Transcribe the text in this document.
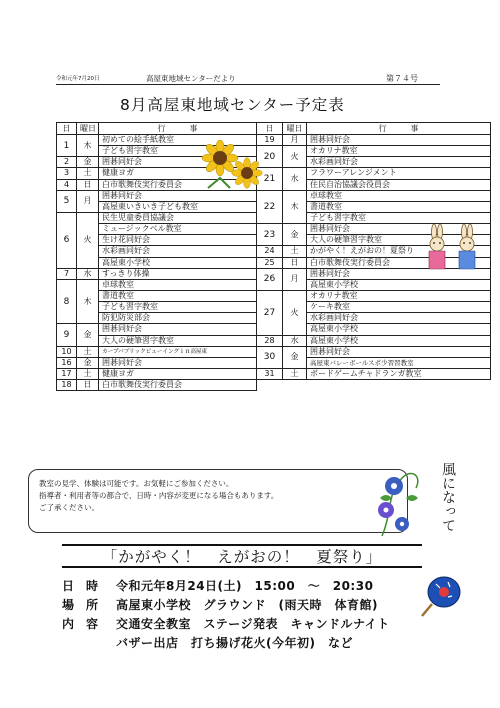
令和元年7月20日	高屋東地域センターだより	第７４号
8月高屋東地域センター予定表
日	曜日	行　　　事
1	木	初めての絵手紙教室
		子ども習字教室
2	金	囲碁同好会
3	土	健康ヨガ
4	日	白市歌舞伎実行委員会
5	月	囲碁同好会
		高屋東いきいき子ども教室
6	火	民生児童委員協議会
		ミュージックベル教室
		生け花同好会
		水彩画同好会
		高屋東小学校
7	水	すっきり体操
8	木	卓球教室
		書道教室
		子ども習字教室
		防犯防災部会
9	金	囲碁同好会
		大人の硬筆習字教室
10	土	カープパブリックビューイングｉｎ高屋東
16	金	囲碁同好会
17	土	健康ヨガ
18	日	白市歌舞伎実行委員会
日	曜日	行　　　事
19	月	囲碁同好会
20	火	オカリナ教室
		水彩画同好会
21	水	フラワーアレンジメント
		住民自治協議会役員会
22	木	卓球教室
		書道教室
		子ども習字教室
23	金	囲碁同好会
		大人の硬筆習字教室
24	土	かがやく！えがおの！夏祭り
25	日	白市歌舞伎実行委員会
26	月	囲碁同好会
		高屋東小学校
27	火	オカリナ教室
		ケーキ教室
		水彩画同好会
		高屋東小学校
28	水	高屋東小学校
30	金	囲碁同好会
		高屋東バレーボールスポ少習習教室
31	土	ボードゲームチャドランガ教室
教室の見学、体験は可能です。お気軽にご参加ください。
指導者・利用者等の都合で、日時・内容が変更になる場合もあります。
ご了承ください。	風になって
「かがやく！　えがおの！　夏祭り」
日時 令和元年8月24日(土)　15:00　～　20:30
場所 高屋東小学校　グラウンド　(雨天時　体育館)
内容 交通安全教室　ステージ発表　キャンドルナイト
バザー出店　打ち揚げ花火(今年初)　など
